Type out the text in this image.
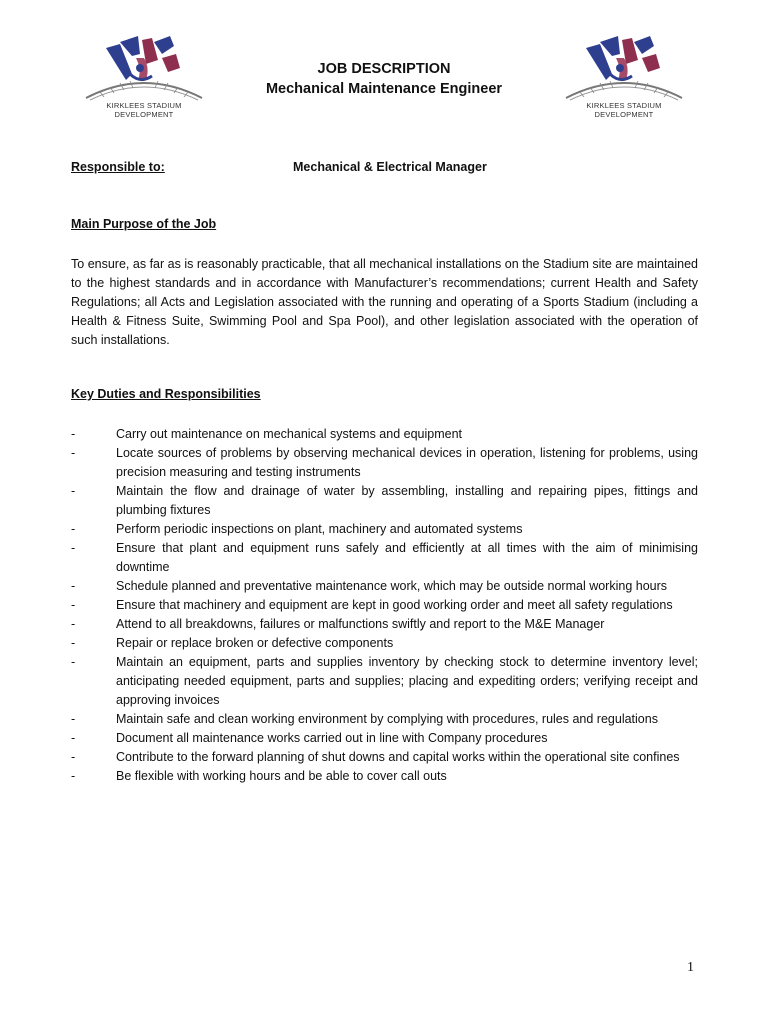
KIRKLEES STADIUM
DEVELOPMENT
KIRKLEES STADIUM
DEVELOPMENT
JOB DESCRIPTION
Mechanical Maintenance Engineer
Responsible to:	Mechanical & Electrical Manager
Main Purpose of the Job

To ensure, as far as is reasonably practicable, that all mechanical installations on the Stadium site are maintained to the highest standards and in accordance with Manufacturer’s recommendations; current Health and Safety Regulations; all Acts and Legislation associated with the running and operating of a Sports Stadium (including a Health & Fitness Suite, Swimming Pool and Spa Pool), and other legislation associated with the operation of such installations.

Key Duties and Responsibilities
-	Carry out maintenance on mechanical systems and equipment
-	Locate sources of problems by observing mechanical devices in operation, listening for problems, using precision measuring and testing instruments
-	Maintain the flow and drainage of water by assembling, installing and repairing pipes, fittings and plumbing fixtures
-	Perform periodic inspections on plant, machinery and automated systems
-	Ensure that plant and equipment runs safely and efficiently at all times with the aim of minimising downtime
-	Schedule planned and preventative maintenance work, which may be outside normal working hours
-	Ensure that machinery and equipment are kept in good working order and meet all safety regulations
-	Attend to all breakdowns, failures or malfunctions swiftly and report to the M&E Manager
-	Repair or replace broken or defective components
-	Maintain an equipment, parts and supplies inventory by checking stock to determine inventory level; anticipating needed equipment, parts and supplies; placing and expediting orders; verifying receipt and approving invoices
-	Maintain safe and clean working environment by complying with procedures, rules and regulations
-	Document all maintenance works carried out in line with Company procedures
-	Contribute to the forward planning of shut downs and capital works within the operational site confines
-	Be flexible with working hours and be able to cover call outs
1
